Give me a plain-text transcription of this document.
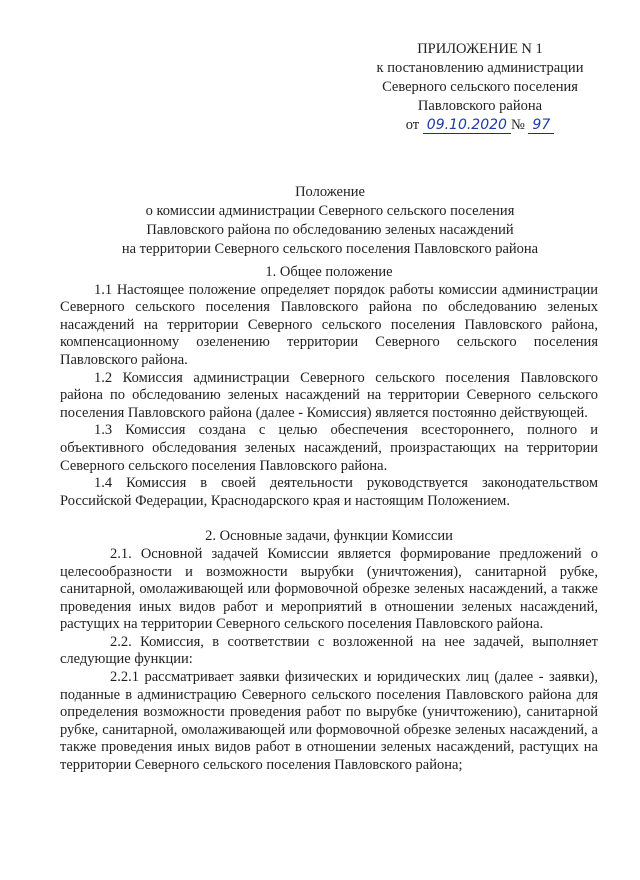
ПРИЛОЖЕНИЕ N 1
к постановлению администрации
Северного сельского поселения
Павловского района
от 09.10.2020 № 97
Положение
о комиссии администрации Северного сельского поселения
Павловского района по обследованию зеленых насаждений
на территории Северного сельского поселения Павловского района
1. Общее положение

1.1 Настоящее положение определяет порядок работы комиссии администрации Северного сельского поселения Павловского района по обследованию зеленых насаждений на территории Северного сельского поселения Павловского района, компенсационному озеленению территории Северного сельского поселения Павловского района.

1.2 Комиссия администрации Северного сельского поселения Павловского района по обследованию зеленых насаждений на территории Северного сельского поселения Павловского района (далее - Комиссия) является постоянно действующей.

1.3 Комиссия создана с целью обеспечения всестороннего, полного и объективного обследования зеленых насаждений, произрастающих на территории Северного сельского поселения Павловского района.

1.4 Комиссия в своей деятельности руководствуется законодательством Российской Федерации, Краснодарского края и настоящим Положением.

2. Основные задачи, функции Комиссии

2.1. Основной задачей Комиссии является формирование предложений о целесообразности и возможности вырубки (уничтожения), санитарной рубке, санитарной, омолаживающей или формовочной обрезке зеленых насаждений, а также проведения иных видов работ и мероприятий в отношении зеленых насаждений, растущих на территории Северного сельского поселения Павловского района.

2.2. Комиссия, в соответствии с возложенной на нее задачей, выполняет следующие функции:

2.2.1 рассматривает заявки физических и юридических лиц (далее - заявки), поданные в администрацию Северного сельского поселения Павловского района для определения возможности проведения работ по вырубке (уничтожению), санитарной рубке, санитарной, омолаживающей или формовочной обрезке зеленых насаждений, а также проведения иных видов работ в отношении зеленых насаждений, растущих на территории Северного сельского поселения Павловского района;
